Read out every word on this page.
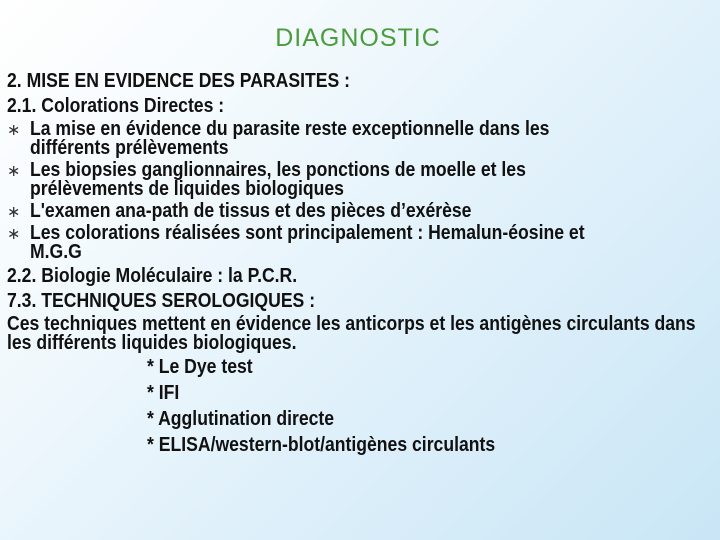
DIAGNOSTIC
2. MISE EN EVIDENCE DES PARASITES :
2.1. Colorations Directes :
∗ La mise en évidence du parasite reste exceptionnelle dans les différents prélèvements
∗ Les biopsies ganglionnaires, les ponctions de moelle et les prélèvements de liquides biologiques
∗ L'examen ana-path de tissus et des pièces d’exérèse
∗ Les colorations réalisées sont principalement : Hemalun-éosine et M.G.G
2.2. Biologie Moléculaire : la P.C.R.
7.3. TECHNIQUES SEROLOGIQUES :
Ces techniques mettent en évidence les anticorps et les antigènes circulants dans les différents liquides biologiques.
* Le Dye test
* IFI
* Agglutination directe
* ELISA/western-blot/antigènes circulants
